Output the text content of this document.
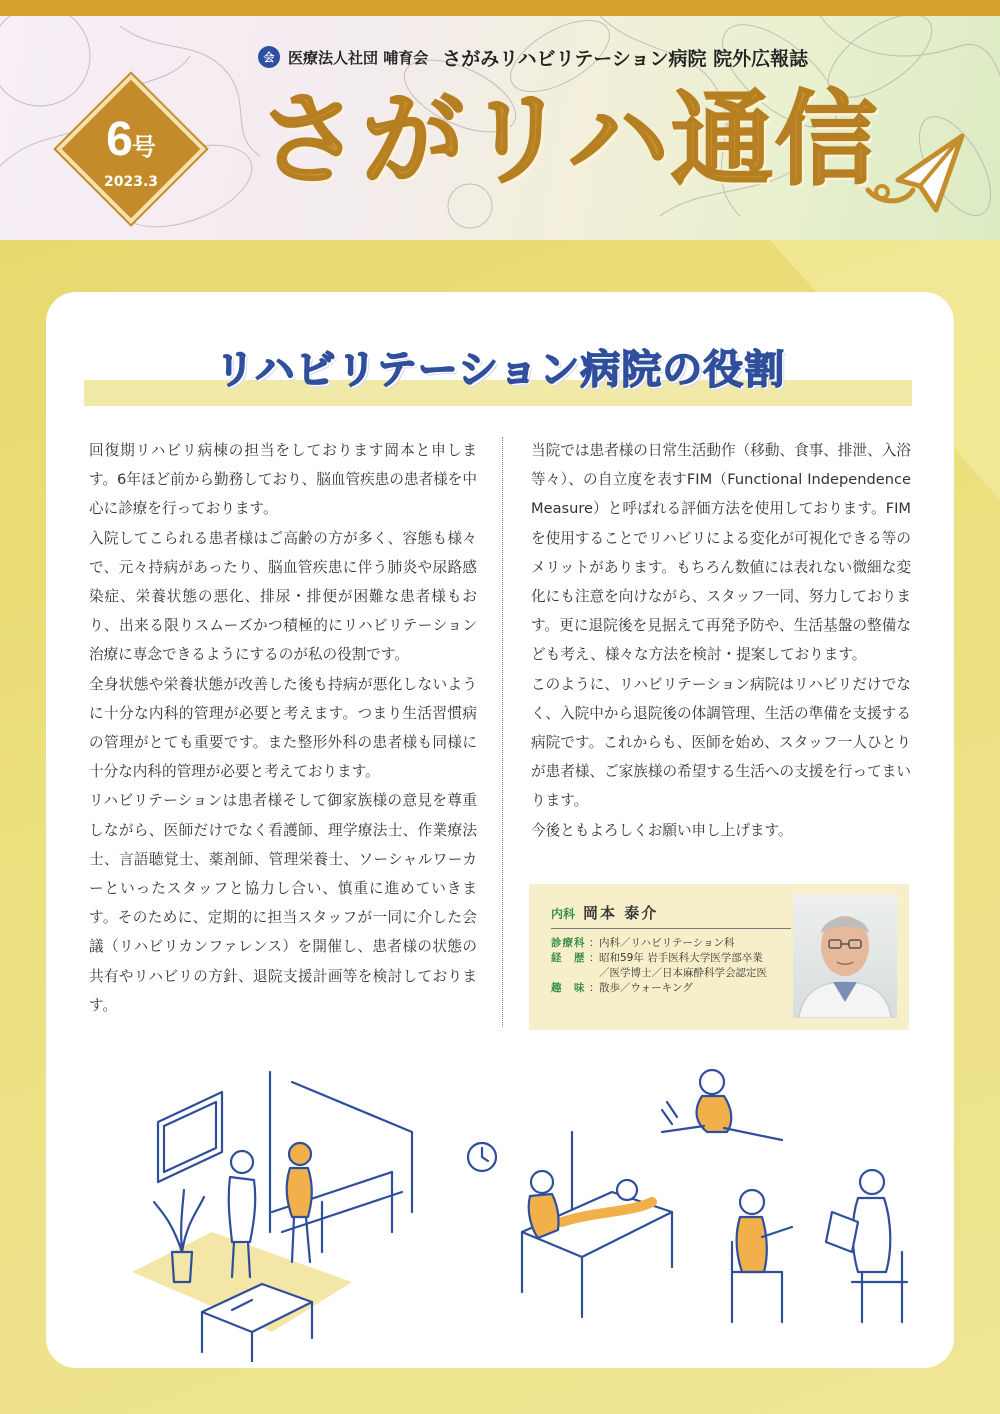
会 医療法人社団 哺育会 さがみリハビリテーション病院 院外広報誌
6号
2023.3 さがリハ通信
リハビリテーション病院の役割

回復期リハビリ病棟の担当をしております岡本と申します。6年ほど前から勤務しており、脳血管疾患の患者様を中心に診療を行っております。

入院してこられる患者様はご高齢の方が多く、容態も様々で、元々持病があったり、脳血管疾患に伴う肺炎や尿路感染症、栄養状態の悪化、排尿・排便が困難な患者様もおり、出来る限りスムーズかつ積極的にリハビリテーション治療に専念できるようにするのが私の役割です。

全身状態や栄養状態が改善した後も持病が悪化しないように十分な内科的管理が必要と考えます。つまり生活習慣病の管理がとても重要です。また整形外科の患者様も同様に十分な内科的管理が必要と考えております。

リハビリテーションは患者様そして御家族様の意見を尊重しながら、医師だけでなく看護師、理学療法士、作業療法士、言語聴覚士、薬剤師、管理栄養士、ソーシャルワーカーといったスタッフと協力し合い、慎重に進めていきます。そのために、定期的に担当スタッフが一同に介した会議（リハビリカンファレンス）を開催し、患者様の状態の共有やリハビリの方針、退院支援計画等を検討しております。

当院では患者様の日常生活動作（移動、食事、排泄、入浴等々）、の自立度を表すFIM（Functional Independence Measure）と呼ばれる評価方法を使用しております。FIMを使用することでリハビリによる変化が可視化できる等のメリットがあります。もちろん数値には表れない微細な変化にも注意を向けながら、スタッフ一同、努力しております。更に退院後を見据えて再発予防や、生活基盤の整備なども考え、様々な方法を検討・提案しております。

このように、リハビリテーション病院はリハビリだけでなく、入院中から退院後の体調管理、生活の準備を支援する病院です。これからも、医師を始め、スタッフ一人ひとりが患者様、ご家族様の希望する生活への支援を行ってまいります。

今後ともよろしくお願い申し上げます。

内科 岡本 泰介
診療科 ： 内科／リハビリテーション科
経　歴 ： 昭和59年 岩手医科大学医学部卒業
／医学博士／日本麻酔科学会認定医
趣　味 ： 散歩／ウォーキング
